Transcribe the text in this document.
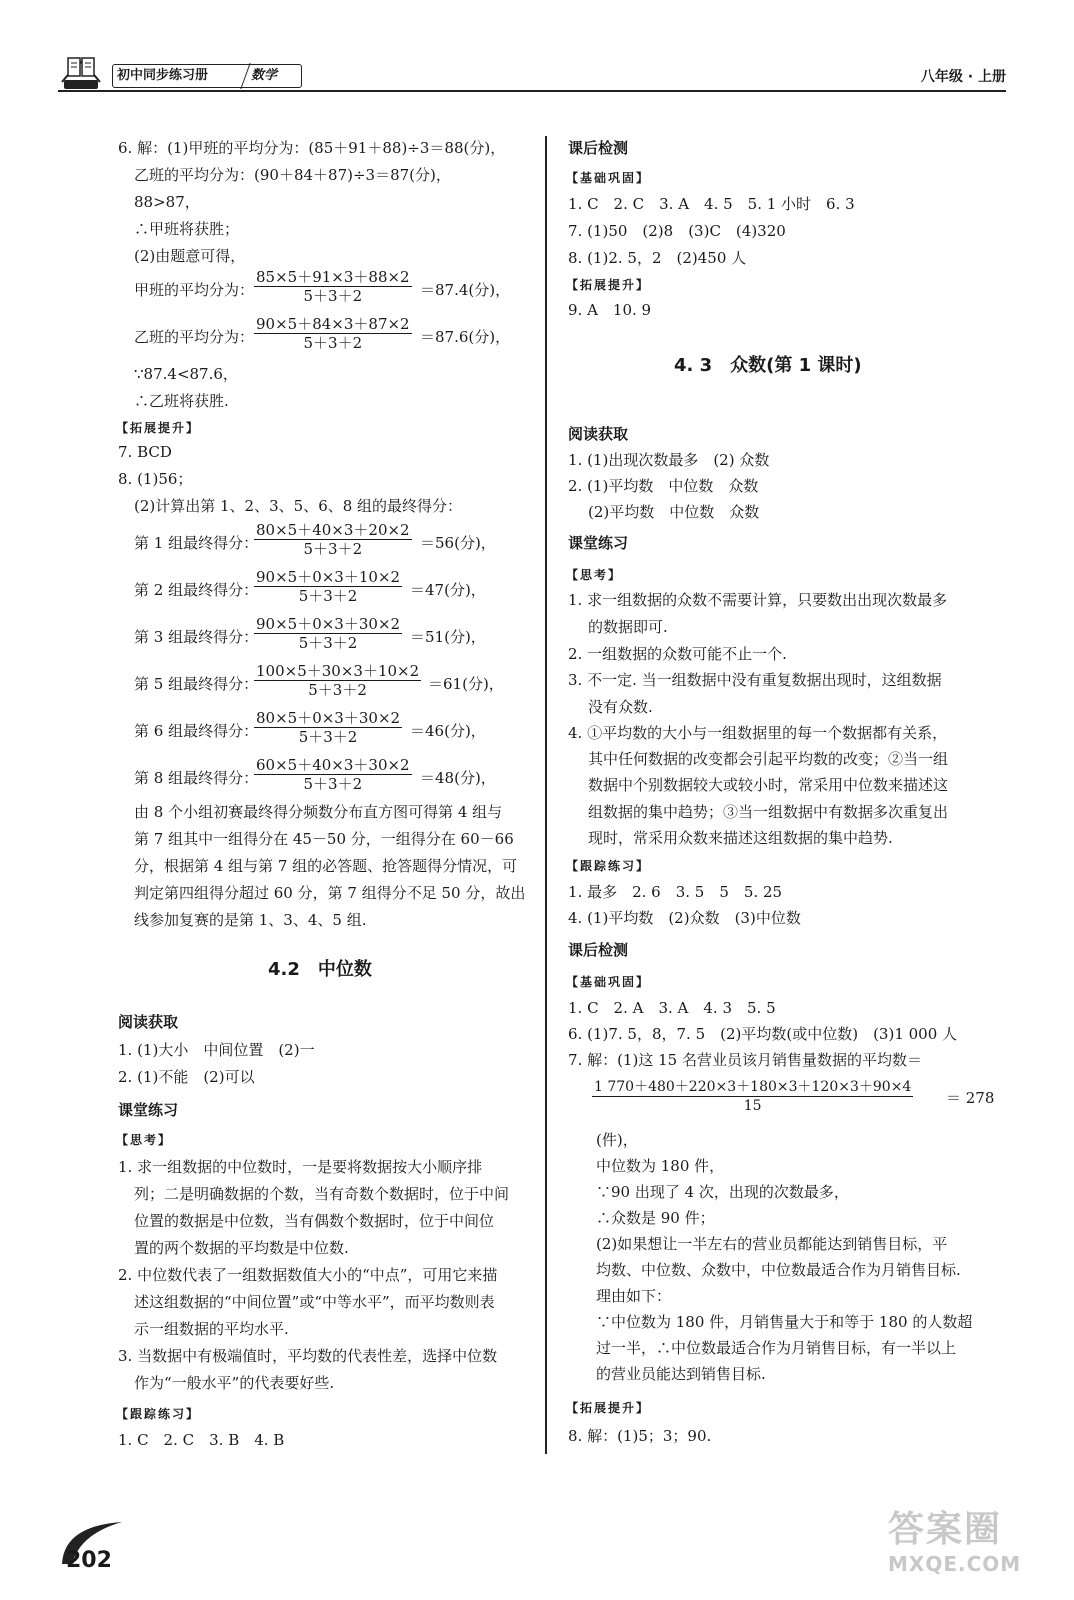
初中同步练习册	数学	八年级 · 上册
6. 解：(1)甲班的平均分为：(85＋91＋88)÷3＝88(分)，
乙班的平均分为：(90＋84＋87)÷3＝87(分)，
88>87，
∴甲班将获胜；
(2)由题意可得，
甲班的平均分为： $\frac{85\times 5+91\times 3+88\times 2}{5+3+2} =87.4$(分)，
乙班的平均分为： $\frac{90\times 5+84\times 3+87\times 2}{5+3+2} =87.6$(分)，
∵87.4<87.6，
∴乙班将获胜.
【拓展提升】
7. BCD
8. (1)56；
(2)计算出第 1、2、3、5、6、8 组的最终得分：
第 1 组最终得分：
$\frac{80\times 5+40\times 3+20\times 2}{5+3+2} =56$(分)，
第 2 组最终得分：
$\frac{90\times 5+0\times 3+10\times 2}{5+3+2} =47$(分)，
第 3 组最终得分：
$\frac{90\times 5+0\times 3+30\times 2}{5+3+2} =51$(分)，
第 5 组最终得分：
$\frac{100\times 5+30\times 3+10\times 2}{5+3+2} =61$(分)，
第 6 组最终得分：
$\frac{80\times 5+0\times 3+30\times 2}{5+3+2} =46$(分)，
第 8 组最终得分：
$\frac{60\times 5+40\times 3+30\times 2}{5+3+2} =48$(分)，
由 8 个小组初赛最终得分频数分布直方图可得第 4 组与
第 7 组其中一组得分在 45－50 分，一组得分在 60－66
分，根据第 4 组与第 7 组的必答题、抢答题得分情况，可
判定第四组得分超过 60 分，第 7 组得分不足 50 分，故出
线参加复赛的是第 1、3、4、5 组.
4.2　中位数
阅读获取
1. (1)大小　中间位置　(2)一
2. (1)不能　(2)可以
课堂练习
【思考】
1. 求一组数据的中位数时，一是要将数据按大小顺序排
列；二是明确数据的个数，当有奇数个数据时，位于中间
位置的数据是中位数，当有偶数个数据时，位于中间位
置的两个数据的平均数是中位数.
2. 中位数代表了一组数据数值大小的“中点”，可用它来描
述这组数据的“中间位置”或“中等水平”，而平均数则表
示一组数据的平均水平.
3. 当数据中有极端值时，平均数的代表性差，选择中位数
作为“一般水平”的代表要好些.
【跟踪练习】
1. C　2. C　3. B　4. B
课后检测
【基础巩固】
1. C　2. C　3. A　4. 5　5. 1 小时　6. 3
7. (1)50　(2)8　(3)C　(4)320
8. (1)2. 5，2　(2)450 人
【拓展提升】
9. A　10. 9
4. 3　众数(第 1 课时)
阅读获取
1. (1)出现次数最多　(2) 众数
2. (1)平均数　中位数　众数
(2)平均数　中位数　众数
课堂练习
【思考】
1. 求一组数据的众数不需要计算，只要数出出现次数最多
的数据即可.
2. 一组数据的众数可能不止一个.
3. 不一定. 当一组数据中没有重复数据出现时，这组数据
没有众数.
4. ①平均数的大小与一组数据里的每一个数据都有关系，
其中任何数据的改变都会引起平均数的改变；②当一组
数据中个别数据较大或较小时，常采用中位数来描述这
组数据的集中趋势；③当一组数据中有数据多次重复出
现时，常采用众数来描述这组数据的集中趋势.
【跟踪练习】
1. 最多　2. 6　3. 5　5　5. 25
4. (1)平均数　(2)众数　(3)中位数
课后检测
【基础巩固】
1. C　2. A　3. A　4. 3　5. 5
6. (1)7. 5，8，7. 5　(2)平均数(或中位数)　(3)1 000 人
7. 解：(1)这 15 名营业员该月销售量数据的平均数＝
$\frac{1 770+480+220\times 3+180\times 3+120\times 3+90\times 4}{15} = 278$
(件)，
中位数为 180 件，
∵90 出现了 4 次，出现的次数最多，
∴众数是 90 件；
(2)如果想让一半左右的营业员都能达到销售目标，平
均数、中位数、众数中，中位数最适合作为月销售目标.
理由如下：
∵中位数为 180 件，月销售量大于和等于 180 的人数超
过一半，∴中位数最适合作为月销售目标，有一半以上
的营业员能达到销售目标.
【拓展提升】
8. 解：(1)5；3；90.
202
答案圈
MXQE.COM
